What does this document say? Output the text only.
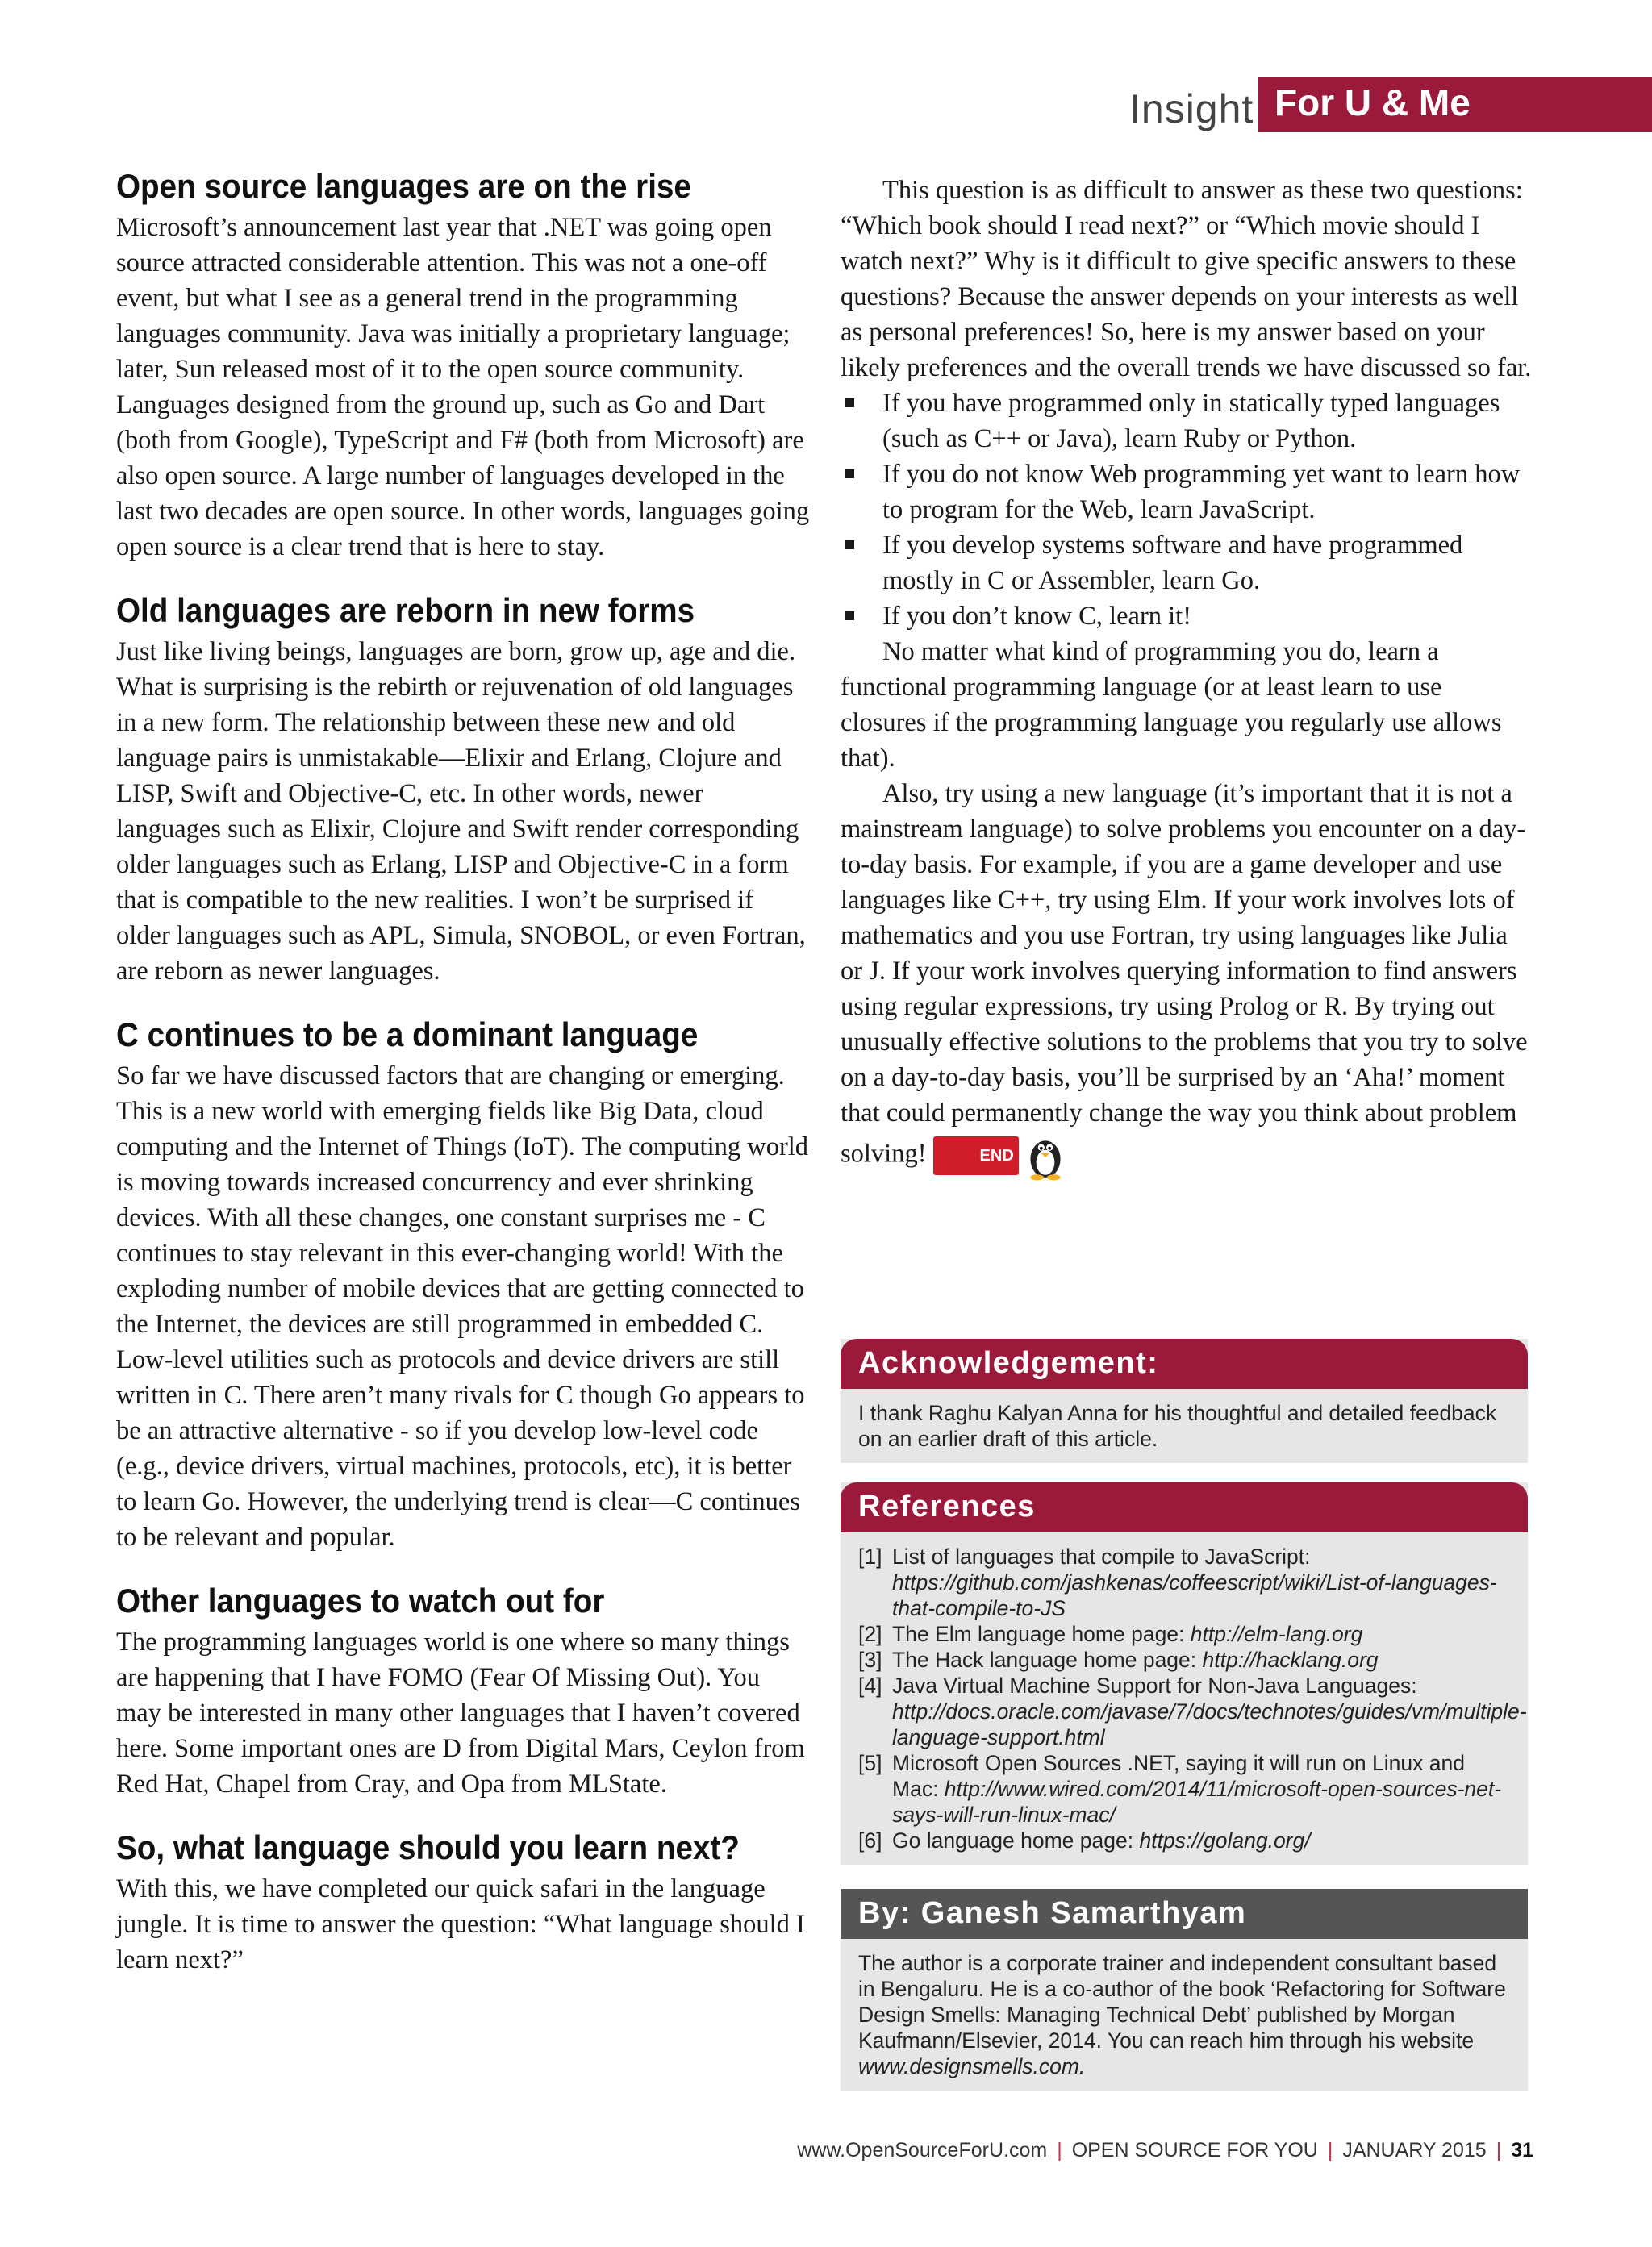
Insight For U & Me
Open source languages are on the rise

Microsoft’s announcement last year that .NET was going open source attracted considerable attention. This was not a one-off event, but what I see as a general trend in the programming languages community. Java was initially a proprietary language; later, Sun released most of it to the open source community. Languages designed from the ground up, such as Go and Dart (both from Google), TypeScript and F# (both from Microsoft) are also open source. A large number of languages developed in the last two decades are open source. In other words, languages going open source is a clear trend that is here to stay.

Old languages are reborn in new forms

Just like living beings, languages are born, grow up, age and die. What is surprising is the rebirth or rejuvenation of old languages in a new form. The relationship between these new and old language pairs is unmistakable—Elixir and Erlang, Clojure and LISP, Swift and Objective-C, etc. In other words, newer languages such as Elixir, Clojure and Swift render corresponding older languages such as Erlang, LISP and Objective-C in a form that is compatible to the new realities. I won’t be surprised if older languages such as APL, Simula, SNOBOL, or even Fortran, are reborn as newer languages.

C continues to be a dominant language

So far we have discussed factors that are changing or emerging. This is a new world with emerging fields like Big Data, cloud computing and the Internet of Things (IoT). The computing world is moving towards increased concurrency and ever shrinking devices. With all these changes, one constant surprises me - C continues to stay relevant in this ever-changing world! With the exploding number of mobile devices that are getting connected to the Internet, the devices are still programmed in embedded C. Low-level utilities such as protocols and device drivers are still written in C. There aren’t many rivals for C though Go appears to be an attractive alternative - so if you develop low-level code (e.g., device drivers, virtual machines, protocols, etc), it is better to learn Go. However, the underlying trend is clear—C continues to be relevant and popular.

Other languages to watch out for

The programming languages world is one where so many things are happening that I have FOMO (Fear Of Missing Out). You may be interested in many other languages that I haven’t covered here. Some important ones are D from Digital Mars, Ceylon from Red Hat, Chapel from Cray, and Opa from MLState.

So, what language should you learn next?

With this, we have completed our quick safari in the language jungle. It is time to answer the question: “What language should I learn next?”

This question is as difficult to answer as these two questions: “Which book should I read next?” or “Which movie should I watch next?” Why is it difficult to give specific answers to these questions? Because the answer depends on your interests as well as personal preferences! So, here is my answer based on your likely preferences and the overall trends we have discussed so far.

If you have programmed only in statically typed languages (such as C++ or Java), learn Ruby or Python.
If you do not know Web programming yet want to learn how to program for the Web, learn JavaScript.
If you develop systems software and have programmed mostly in C or Assembler, learn Go.
If you don’t know C, learn it!

No matter what kind of programming you do, learn a functional programming language (or at least learn to use closures if the programming language you regularly use allows that).

Also, try using a new language (it’s important that it is not a mainstream language) to solve problems you encounter on a day-to-day basis. For example, if you are a game developer and use languages like C++, try using Elm. If your work involves lots of mathematics and you use Fortran, try using languages like Julia or J. If your work involves querying information to find answers using regular expressions, try using Prolog or R. By trying out unusually effective solutions to the problems that you try to solve on a day-to-day basis, you’ll be surprised by an ‘Aha!’ moment that could permanently change the way you think about problem solving!	END

Acknowledgement:
I thank Raghu Kalyan Anna for his thoughtful and detailed feedback on an earlier draft of this article.
References
[1] List of languages that compile to JavaScript:
https://github.com/jashkenas/coffeescript/wiki/List-of-languages-that-compile-to-JS
[2] The Elm language home page: http://elm-lang.org
[3] The Hack language home page: http://hacklang.org
[4] Java Virtual Machine Support for Non-Java Languages:
http://docs.oracle.com/javase/7/docs/technotes/guides/vm/multiple-language-support.html
[5] Microsoft Open Sources .NET, saying it will run on Linux and Mac: http://www.wired.com/2014/11/microsoft-open-sources-net-says-will-run-linux-mac/
[6] Go language home page: https://golang.org/
By: Ganesh Samarthyam
The author is a corporate trainer and independent consultant based in Bengaluru. He is a co-author of the book ‘Refactoring for Software Design Smells: Managing Technical Debt’ published by Morgan Kaufmann/Elsevier, 2014. You can reach him through his website www.designsmells.com.
www.OpenSourceForU.com | OPEN SOURCE FOR YOU | JANUARY 2015 | 31
